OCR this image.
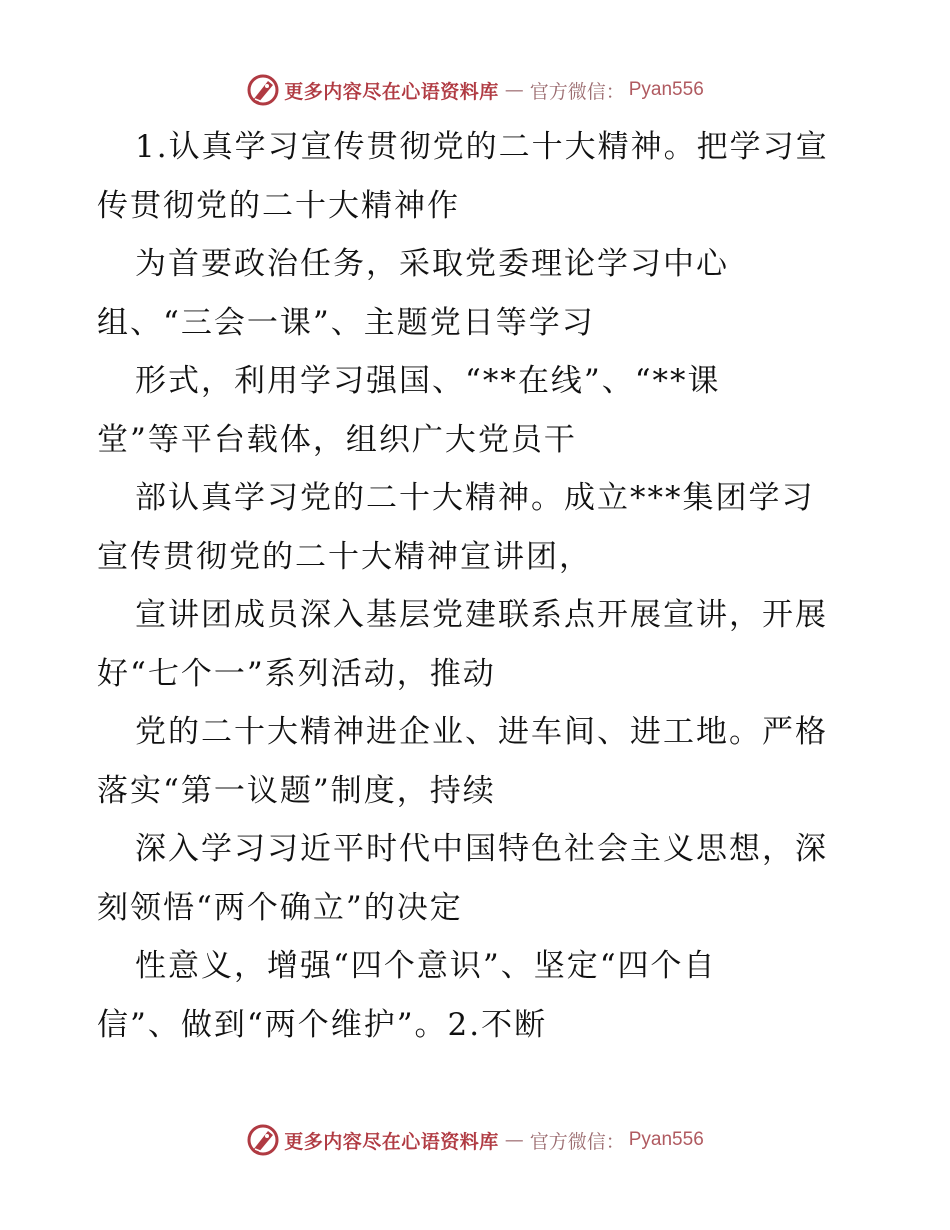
更多内容尽在心语资料库 — 官方微信： Pyan556
1.认真学习宣传贯彻党的二十大精神。把学习宣
传贯彻党的二十大精神作
为首要政治任务，采取党委理论学习中心
组、“三会一课”、主题党日等学习
形式，利用学习强国、“**在线”、“**课
堂”等平台载体，组织广大党员干
部认真学习党的二十大精神。成立***集团学习
宣传贯彻党的二十大精神宣讲团，
宣讲团成员深入基层党建联系点开展宣讲，开展
好“七个一”系列活动，推动
党的二十大精神进企业、进车间、进工地。严格
落实“第一议题”制度，持续
深入学习习近平时代中国特色社会主义思想，深
刻领悟“两个确立”的决定
性意义，增强“四个意识”、坚定“四个自
信”、做到“两个维护”。2.不断
更多内容尽在心语资料库 — 官方微信： Pyan556
